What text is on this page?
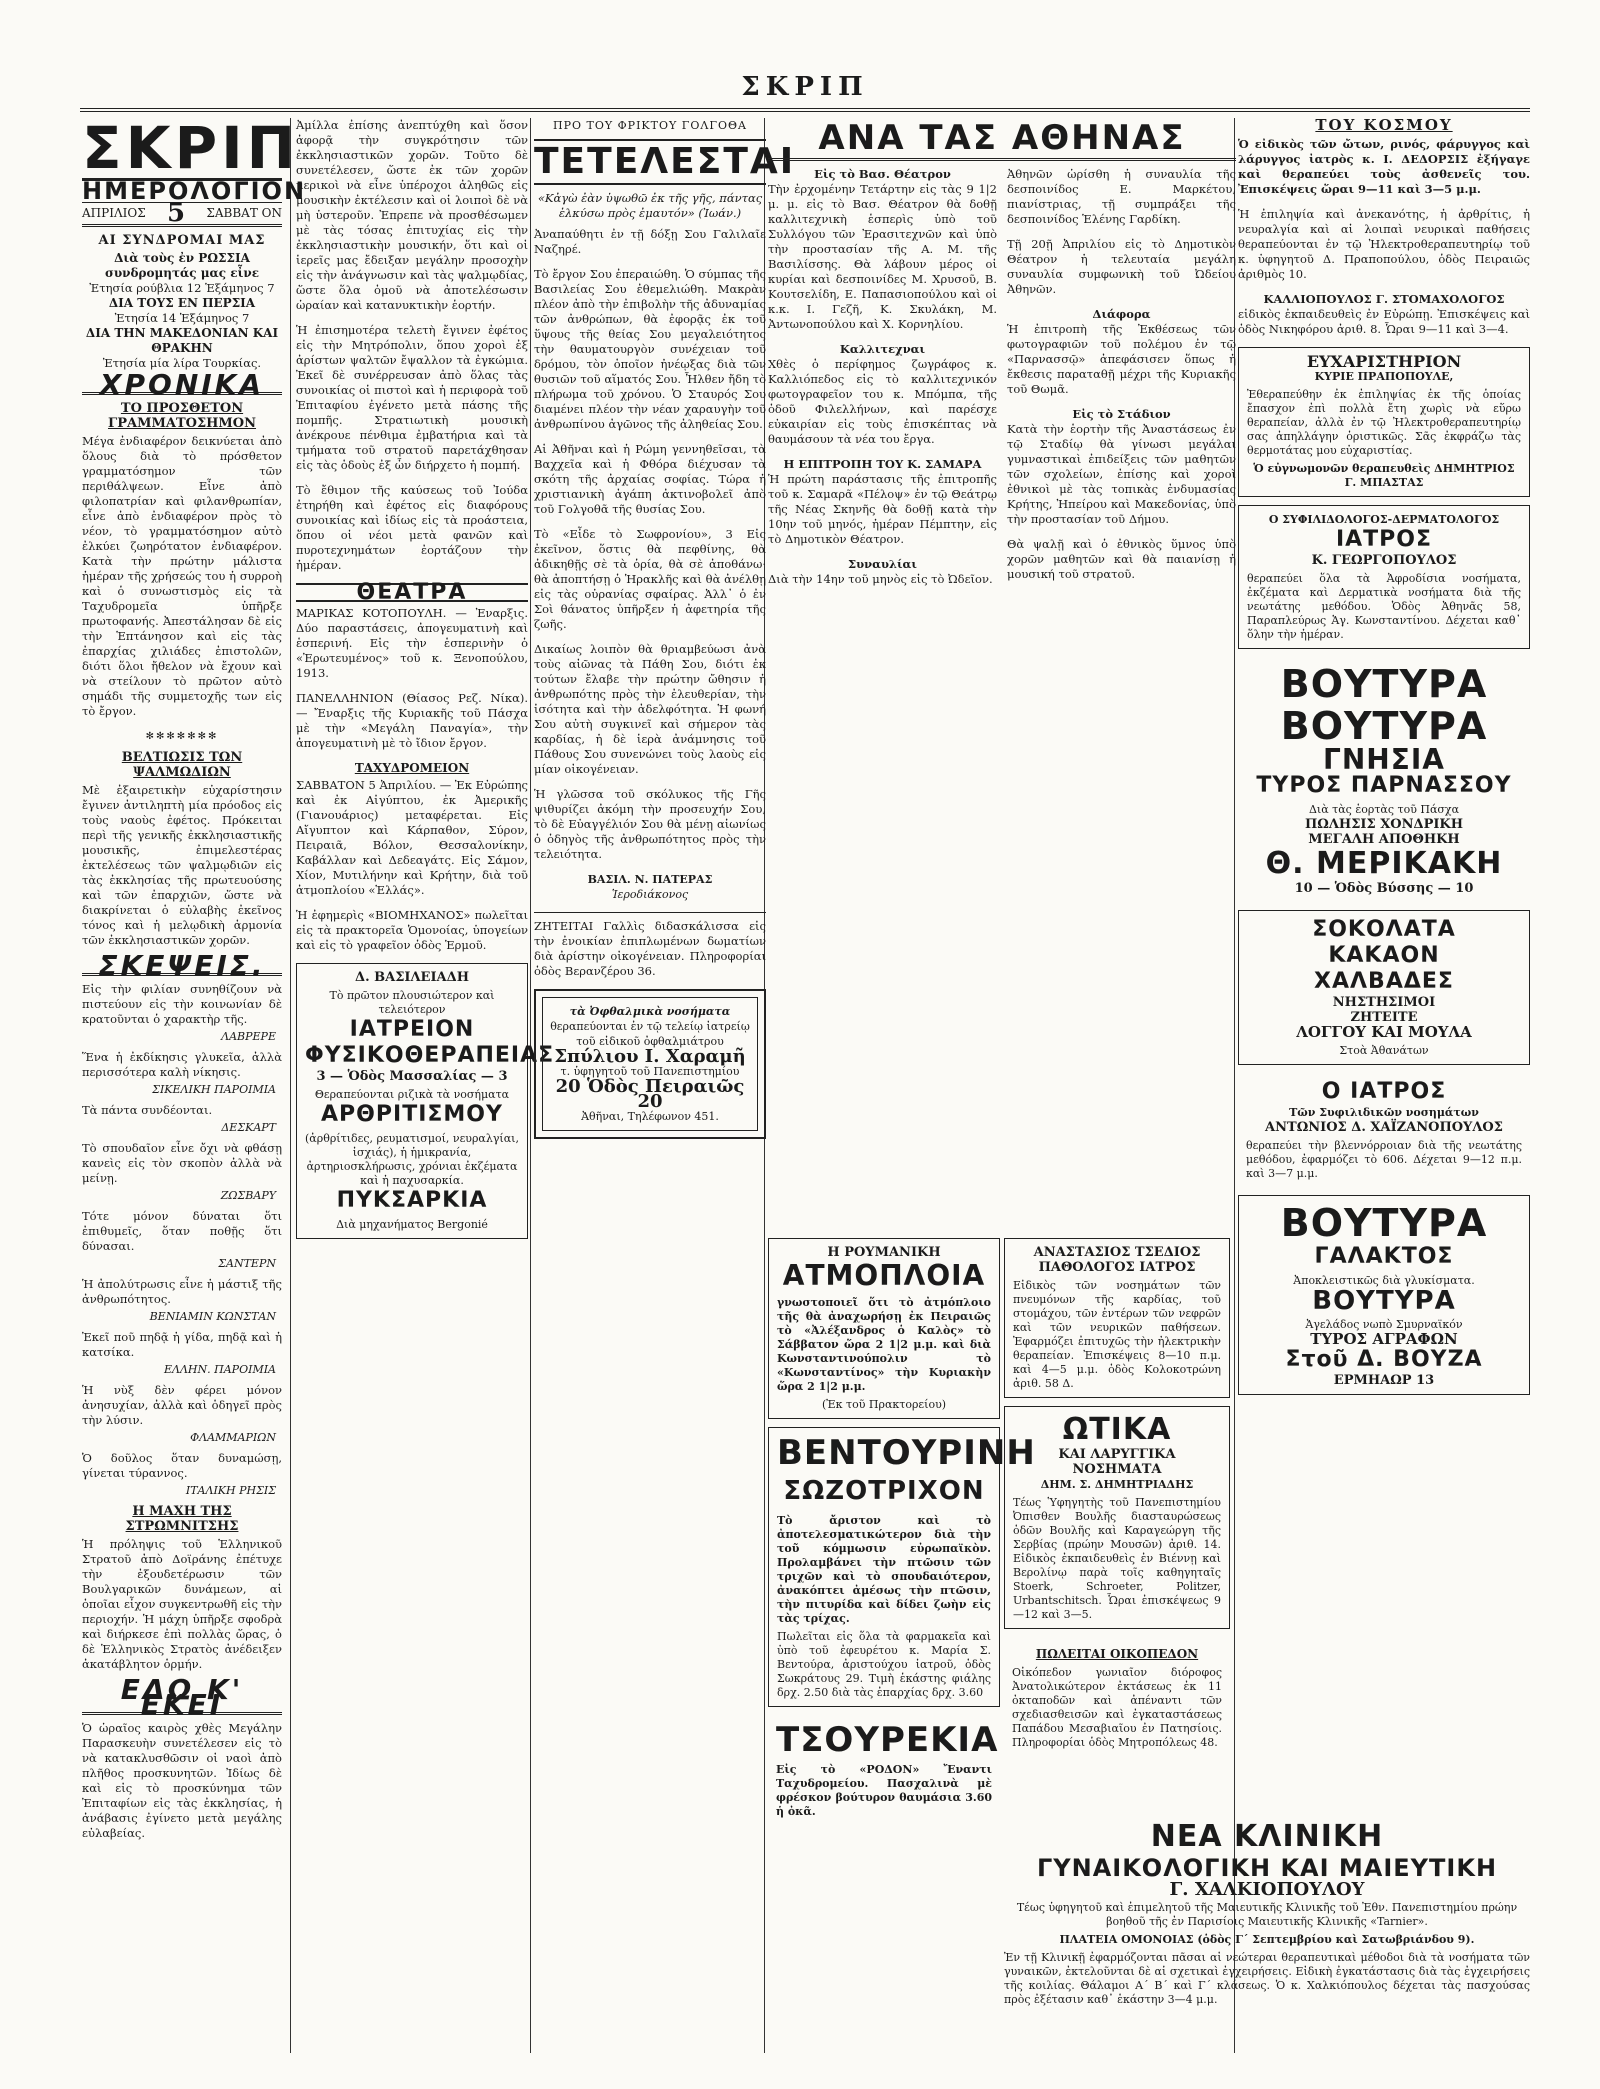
ΣΚΡΙΠ
ΣΚΡΙΠ
ΗΜΕΡΟΛΟΓΙΟΝ
ΑΠΡΙΛΙΟΣ 5 ΣΑΒΒΑΤ ΟΝ
ΑΙ ΣΥΝΔΡΟΜΑΙ ΜΑΣ
Διὰ τοὺς ἐν ΡΩΣΣΙΑ συνδρομητάς μας εἶνε
Ἐτησία ρούβλια 12 Ἑξάμηνος 7
ΔΙΑ ΤΟΥΣ ΕΝ ΠΕΡΣΙΑ
Ἐτησία 14 Ἑξάμηνος 7
ΔΙΑ ΤΗΝ ΜΑΚΕΔΟΝΙΑΝ ΚΑΙ ΘΡΑΚΗΝ
Ἐτησία μία λίρα Τουρκίας.
ΧΡΟΝΙΚΑ
ΤΟ ΠΡΟΣΘΕΤΟΝ ΓΡΑΜΜΑΤΟΣΗΜΟΝ
Μέγα ἐνδιαφέρον δεικνύεται ἀπὸ ὅλους διὰ τὸ πρόσθετον γραμματόσημον τῶν περιθάλψεων. Εἶνε ἀπὸ φιλοπατρίαν καὶ φιλανθρωπίαν, εἶνε ἀπὸ ἐνδιαφέρον πρὸς τὸ νέον, τὸ γραμματόσημον αὐτὸ ἐλκύει ζωηρότατον ἐνδιαφέρον. Κατὰ τὴν πρώτην μάλιστα ἡμέραν τῆς χρήσεώς του ἡ συρροὴ καὶ ὁ συνωστισμὸς εἰς τὰ Ταχυδρομεῖα ὑπῆρξε πρωτοφανής. Ἀπεστάλησαν δὲ εἰς τὴν Ἑπτάνησον καὶ εἰς τὰς ἐπαρχίας χιλιάδες ἐπιστολῶν, διότι ὅλοι ἤθελον νὰ ἔχουν καὶ νὰ στείλουν τὸ πρῶτον αὐτὸ σημάδι τῆς συμμετοχῆς των εἰς τὸ ἔργον.
✻✻✻✻✻✻✻
ΒΕΛΤΙΩΣΙΣ ΤΩΝ ΨΑΛΜΩΔΙΩΝ
Μὲ ἐξαιρετικὴν εὐχαρίστησιν ἔγινεν ἀντιληπτὴ μία πρόοδος εἰς τοὺς ναοὺς ἐφέτος. Πρόκειται περὶ τῆς γενικῆς ἐκκλησιαστικῆς μουσικῆς, ἐπιμελεστέρας ἐκτελέσεως τῶν ψαλμῳδιῶν εἰς τὰς ἐκκλησίας τῆς πρωτευούσης καὶ τῶν ἐπαρχιῶν, ὥστε νὰ διακρίνεται ὁ εὐλαβὴς ἐκεῖνος τόνος καὶ ἡ μελῳδικὴ ἁρμονία τῶν ἐκκλησιαστικῶν χορῶν.
ΣΚΕΨΕΙΣ.
Εἰς τὴν φιλίαν συνηθίζουν νὰ πιστεύουν εἰς τὴν κοινωνίαν δὲ κρατοῦνται ὁ χαρακτὴρ τῆς.
ΛΑΒΡΕΡΕ
Ἕνα ἡ ἐκδίκησις γλυκεῖα, ἀλλὰ περισσότερα καλὴ νίκησις.
ΣΙΚΕΛΙΚΗ ΠΑΡΟΙΜΙΑ
Τὰ πάντα συνδέονται.
ΔΕΣΚΑΡΤ
Τὸ σπουδαῖον εἶνε ὄχι νὰ φθάσῃ κανεὶς εἰς τὸν σκοπὸν ἀλλὰ νὰ μείνῃ.
ΖΩΣΒΑΡΥ
Τότε μόνον δύναται ὅτι ἐπιθυμεῖς, ὅταν ποθῇς ὅτι δύνασαι.
ΣΑΝΤΕΡΝ
Ἡ ἀπολύτρωσις εἶνε ἡ μάστιξ τῆς ἀνθρωπότητος.
ΒΕΝΙΑΜΙΝ ΚΩΝΣΤΑΝ
Ἐκεῖ ποῦ πηδᾷ ἡ γίδα, πηδᾷ καὶ ἡ κατσίκα.
ΕΛΛΗΝ. ΠΑΡΟΙΜΙΑ
Ἡ νὺξ δὲν φέρει μόνον ἀνησυχίαν, ἀλλὰ καὶ ὁδηγεῖ πρὸς τὴν λύσιν.
ΦΛΑΜΜΑΡΙΩΝ
Ὁ δοῦλος ὅταν δυναμώσῃ, γίνεται τύραννος.
ΙΤΑΛΙΚΗ ΡΗΣΙΣ
Η ΜΑΧΗ ΤΗΣ ΣΤΡΩΜΝΙΤΣΗΣ
Ἡ πρόληψις τοῦ Ἑλληνικοῦ Στρατοῦ ἀπὸ Δοϊράνης ἐπέτυχε τὴν ἐξουδετέρωσιν τῶν Βουλγαρικῶν δυνάμεων, αἱ ὁποῖαι εἶχον συγκεντρωθῆ εἰς τὴν περιοχήν. Ἡ μάχη ὑπῆρξε σφοδρὰ καὶ διήρκεσε ἐπὶ πολλὰς ὥρας, ὁ δὲ Ἑλληνικὸς Στρατὸς ἀνέδειξεν ἀκατάβλητον ὁρμήν.
ΕΔΩ Κ' ΕΚΕΙ
Ὁ ὡραῖος καιρὸς χθὲς Μεγάλην Παρασκευὴν συνετέλεσεν εἰς τὸ νὰ κατακλυσθῶσιν οἱ ναοὶ ἀπὸ πλῆθος προσκυνητῶν. Ἰδίως δὲ καὶ εἰς τὸ προσκύνημα τῶν Ἐπιταφίων εἰς τὰς ἐκκλησίας, ἡ ἀνάβασις ἐγίνετο μετὰ μεγάλης εὐλαβείας.
Ἀμίλλα ἐπίσης ἀνεπτύχθη καὶ ὅσον ἀφορᾷ τὴν συγκρότησιν τῶν ἐκκλησιαστικῶν χορῶν. Τοῦτο δὲ συνετέλεσεν, ὥστε ἐκ τῶν χορῶν μερικοὶ νὰ εἶνε ὑπέροχοι ἀληθῶς εἰς μουσικὴν ἐκτέλεσιν καὶ οἱ λοιποὶ δὲ νὰ μὴ ὑστεροῦν. Ἐπρεπε νὰ προσθέσωμεν μὲ τὰς τόσας ἐπιτυχίας εἰς τὴν ἐκκλησιαστικὴν μουσικήν, ὅτι καὶ οἱ ἱερεῖς μας ἔδειξαν μεγάλην προσοχὴν εἰς τὴν ἀνάγνωσιν καὶ τὰς ψαλμῳδίας, ὥστε ὅλα ὁμοῦ νὰ ἀποτελέσωσιν ὡραίαν καὶ κατανυκτικὴν ἑορτήν.
Ἡ ἐπισημοτέρα τελετὴ ἔγινεν ἐφέτος εἰς τὴν Μητρόπολιν, ὅπου χοροὶ ἐξ ἀρίστων ψαλτῶν ἔψαλλον τὰ ἐγκώμια. Ἐκεῖ δὲ συνέρρευσαν ἀπὸ ὅλας τὰς συνοικίας οἱ πιστοὶ καὶ ἡ περιφορὰ τοῦ Ἐπιταφίου ἐγένετο μετὰ πάσης τῆς πομπῆς. Στρατιωτικὴ μουσικὴ ἀνέκρουε πένθιμα ἐμβατήρια καὶ τὰ τμήματα τοῦ στρατοῦ παρετάχθησαν εἰς τὰς ὁδοὺς ἐξ ὧν διήρχετο ἡ πομπή.
Τὸ ἔθιμον τῆς καύσεως τοῦ Ἰούδα ἐτηρήθη καὶ ἐφέτος εἰς διαφόρους συνοικίας καὶ ἰδίως εἰς τὰ προάστεια, ὅπου οἱ νέοι μετὰ φανῶν καὶ πυροτεχνημάτων ἐορτάζουν τὴν ἡμέραν.
ΘΕΑΤΡΑ
ΜΑΡΙΚΑΣ ΚΟΤΟΠΟΥΛΗ. — Ἐναρξις. Δύο παραστάσεις, ἀπογευματινὴ καὶ ἑσπερινή. Εἰς τὴν ἑσπερινὴν ὁ «Ἐρωτευμένος» τοῦ κ. Ξενοπούλου, 1913.
ΠΑΝΕΛΛΗΝΙΟΝ (Θίασος Ρεζ. Νίκα). — Ἔναρξις τῆς Κυριακῆς τοῦ Πάσχα μὲ τὴν «Μεγάλη Παναγία», τὴν ἀπογευματινὴ μὲ τὸ ἴδιον ἔργον.
ΤΑΧΥΔΡΟΜΕΙΟΝ
ΣΑΒΒΑΤΟΝ 5 Ἀπριλίου. — Ἐκ Εὐρώπης καὶ ἐκ Αἰγύπτου, ἐκ Ἀμερικῆς (Γιανουάριος) μεταφέρεται. Εἰς Αἴγυπτον καὶ Κάρπαθον, Σύρον, Πειραιᾶ, Βόλον, Θεσσαλονίκην, Καβάλλαν καὶ Δεδεαγάτς. Εἰς Σάμον, Χίον, Μυτιλήνην καὶ Κρήτην, διὰ τοῦ ἀτμοπλοίου «Ἑλλάς».
Ἡ ἐφημερὶς «ΒΙΟΜΗΧΑΝΟΣ» πωλεῖται εἰς τὰ πρακτορεῖα Ὁμονοίας, ὑπογείων καὶ εἰς τὸ γραφεῖον ὁδὸς Ἑρμοῦ.
Δ. ΒΑΣΙΛΕΙΑΔΗ
Τὸ πρῶτον πλουσιώτερον καὶ τελειότερον
ΙΑΤΡΕΙΟΝ
ΦΥΣΙΚΟΘΕΡΑΠΕΙΑΣ
3 — Ὁδὸς Μασσαλίας — 3
Θεραπεύονται ριζικὰ τὰ νοσήματα
ΑΡΘΡΙΤΙΣΜΟΥ
(ἀρθρίτιδες, ρευματισμοί, νευραλγίαι, ἰσχιάς), ἡ ἡμικρανία, ἀρτηριοσκλήρωσις, χρόνιαι ἐκζέματα καὶ ἡ παχυσαρκία.
ΠΥΚΣΑΡΚΙΑ
Διὰ μηχανήματος Bergonié
ΠΡΟ ΤΟΥ ΦΡΙΚΤΟΥ ΓΟΛΓΟΘΑ
ΤΕΤΕΛΕΣΤΑΙ
«Κἀγὼ ἐὰν ὑψωθῶ ἐκ τῆς γῆς, πάντας ἑλκύσω πρὸς ἐμαυτόν» (Ἰωάν.)
Ἀναπαύθητι ἐν τῇ δόξῃ Σου Γαλιλαῖε Ναζηρέ.
Τὸ ἔργον Σου ἐπεραιώθη. Ὁ σύμπας τῆς Βασιλείας Σου ἐθεμελιώθη. Μακρὰν πλέον ἀπὸ τὴν ἐπιβολὴν τῆς ἀδυναμίας τῶν ἀνθρώπων, θὰ ἐφορᾷς ἐκ τοῦ ὕψους τῆς θείας Σου μεγαλειότητος τὴν θαυματουργὸν συνέχειαν τοῦ δρόμου, τὸν ὁποῖον ἠνέῳξας διὰ τῶν θυσιῶν τοῦ αἵματός Σου. Ἦλθεν ἤδη τὸ πλήρωμα τοῦ χρόνου. Ὁ Σταυρός Σου διαμένει πλέον τὴν νέαν χαραυγὴν τοῦ ἀνθρωπίνου ἀγῶνος τῆς ἀληθείας Σου.
Αἱ Ἀθῆναι καὶ ἡ Ρώμη γεννηθεῖσαι, τὰ Βαχχεῖα καὶ ἡ Φθόρα διέχυσαν τὰ σκότη τῆς ἀρχαίας σοφίας. Τώρα ἡ χριστιανικὴ ἀγάπη ἀκτινοβολεῖ ἀπὸ τοῦ Γολγοθᾶ τῆς θυσίας Σου.
Τὸ «Εἶδε τὸ Σωφρονίου», 3 Εἰς ἐκεῖνον, ὅστις θὰ πεφθίνης, θὰ ἀδικηθῇς σὲ τὰ ὁρία, θὰ σὲ ἀποθάνω· θὰ ἀποπτήσῃ ὁ Ἡρακλῆς καὶ θὰ ἀνέλθῃ εἰς τὰς οὐρανίας σφαίρας. Ἀλλ᾽ ὁ ἐν Σοὶ θάνατος ὑπῆρξεν ἡ ἀφετηρία τῆς ζωῆς.
Δικαίως λοιπὸν θὰ θριαμβεύωσι ἀνὰ τοὺς αἰῶνας τὰ Πάθη Σου, διότι ἐκ τούτων ἔλαβε τὴν πρώτην ὤθησιν ἡ ἀνθρωπότης πρὸς τὴν ἐλευθερίαν, τὴν ἰσότητα καὶ τὴν ἀδελφότητα. Ἡ φωνή Σου αὐτὴ συγκινεῖ καὶ σήμερον τὰς καρδίας, ἡ δὲ ἱερὰ ἀνάμνησις τοῦ Πάθους Σου συνενώνει τοὺς λαοὺς εἰς μίαν οἰκογένειαν.
Ἡ γλῶσσα τοῦ σκόλυκος τῆς Γῆς ψιθυρίζει ἀκόμη τὴν προσευχήν Σου, τὸ δὲ Εὐαγγέλιόν Σου θὰ μένῃ αἰωνίως ὁ ὁδηγὸς τῆς ἀνθρωπότητος πρὸς τὴν τελειότητα.
ΒΑΣΙΛ. Ν. ΠΑΤΕΡΑΣ
Ἱεροδιάκονος
ΖΗΤΕΙΤΑΙ Γαλλὶς διδασκάλισσα εἰς τὴν ἐνοικίαν ἐπιπλωμένων δωματίων διὰ ἀρίστην οἰκογένειαν. Πληροφορίαι ὁδὸς Βερανζέρου 36.
τὰ Ὀφθαλμικὰ νοσήματα
θεραπεύονται ἐν τῷ τελείῳ ἰατρείῳ τοῦ εἰδικοῦ ὀφθαλμιάτρου
Σπύλιου Ι. Χαραμῆ
τ. ὑφηγητοῦ τοῦ Πανεπιστημίου
20 Ὁδὸς Πειραιῶς 20
Ἀθῆναι, Τηλέφωνον 451.
ΑΝΑ ΤΑΣ ΑΘΗΝΑΣ
Εἰς τὸ Βασ. Θέατρον
Τὴν ἐρχομένην Τετάρτην εἰς τὰς 9 1|2 μ. μ. εἰς τὸ Βασ. Θέατρον θὰ δοθῇ καλλιτεχνικὴ ἑσπερὶς ὑπὸ τοῦ Συλλόγου τῶν Ἐρασιτεχνῶν καὶ ὑπὸ τὴν προστασίαν τῆς Α. Μ. τῆς Βασιλίσσης. Θὰ λάβουν μέρος οἱ κυρίαι καὶ δεσποινίδες Μ. Χρυσοῦ, Β. Κουτσελίδη, Ε. Παπασιοπούλου καὶ οἱ κ.κ. Ι. Γεζῆ, Κ. Σκυλάκη, Μ. Ἀντωνοπούλου καὶ Χ. Κορνηλίου.
Καλλιτεχναι
Χθὲς ὁ περίφημος ζωγράφος κ. Καλλιόπεδος εἰς τὸ καλλιτεχνικόν φωτογραφεῖον του κ. Μπόμπα, τῆς ὁδοῦ Φιλελλήνων, καὶ παρέσχε εὐκαιρίαν εἰς τοὺς ἐπισκέπτας νὰ θαυμάσουν τὰ νέα του ἔργα.
Η ΕΠΙΤΡΟΠΗ ΤΟΥ Κ. ΣΑΜΑΡΑ
Ἡ πρώτη παράστασις τῆς ἐπιτροπῆς τοῦ κ. Σαμαρᾶ «Πέλοψ» ἐν τῷ Θεάτρῳ τῆς Νέας Σκηνῆς θὰ δοθῇ κατὰ τὴν 10ην τοῦ μηνός, ἡμέραν Πέμπτην, εἰς τὸ Δημοτικὸν Θέατρον.
Συναυλίαι
Διὰ τὴν 14ην τοῦ μηνὸς εἰς τὸ Ὠδεῖον.
Ἀθηνῶν ὡρίσθη ἡ συναυλία τῆς δεσποινίδος Ε. Μαρκέτου, πιανίστριας, τῇ συμπράξει τῆς δεσποινίδος Ἑλένης Γαρδίκη.
Τῇ 20ῇ Ἀπριλίου εἰς τὸ Δημοτικὸν Θέατρον ἡ τελευταία μεγάλη συναυλία συμφωνικὴ τοῦ Ὠδείου Ἀθηνῶν.
Διάφορα
Ἡ ἐπιτροπὴ τῆς Ἐκθέσεως τῶν φωτογραφιῶν τοῦ πολέμου ἐν τῷ «Παρνασσῷ» ἀπεφάσισεν ὅπως ἡ ἔκθεσις παραταθῇ μέχρι τῆς Κυριακῆς τοῦ Θωμᾶ.
Εἰς τὸ Στάδιον
Κατὰ τὴν ἑορτὴν τῆς Ἀναστάσεως ἐν τῷ Σταδίῳ θὰ γίνωσι μεγάλαι γυμναστικαὶ ἐπιδείξεις τῶν μαθητῶν τῶν σχολείων, ἐπίσης καὶ χοροὶ ἐθνικοὶ μὲ τὰς τοπικὰς ἐνδυμασίας Κρήτης, Ἠπείρου καὶ Μακεδονίας, ὑπὸ τὴν προστασίαν τοῦ Δήμου.
Θὰ ψαλῇ καὶ ὁ ἐθνικὸς ὕμνος ὑπὸ χορῶν μαθητῶν καὶ θὰ παιανίσῃ ἡ μουσική τοῦ στρατοῦ.
Η ΡΟΥΜΑΝΙΚΗ
ΑΤΜΟΠΛΟΙΑ
γνωστοποιεῖ ὅτι τὸ ἀτμόπλοιο τῆς θὰ ἀναχωρήσῃ ἐκ Πειραιῶς τὸ «Ἀλέξανδρος ὁ Καλὸς» τὸ Σάββατον ὥρα 2 1|2 μ.μ. καὶ διὰ Κωνσταντινούπολιν τὸ «Κωνσταντίνος» τὴν Κυριακὴν ὥρα 2 1|2 μ.μ.
(Ἐκ τοῦ Πρακτορείου)
ΒΕΝΤΟΥΡΙΝΗ
ΣΩΖΟΤΡΙΧΟΝ
Τὸ ἄριστον καὶ τὸ ἀποτελεσματικώτερον διὰ τὴν τοῦ κόμμωσιν εὐρωπαϊκὸν. Προλαμβάνει τὴν πτῶσιν τῶν τριχῶν καὶ τὸ σπουδαιότερον, ἀνακόπτει ἀμέσως τὴν πτῶσιν, τὴν πιτυρίδα καὶ δίδει ζωὴν εἰς τὰς τρίχας.
Πωλεῖται εἰς ὅλα τὰ φαρμακεῖα καὶ ὑπὸ τοῦ ἐφευρέτου κ. Μαρία Σ. Βεντούρα, ἀριστούχου ἰατροῦ, ὁδὸς Σωκράτους 29. Τιμὴ ἑκάστης φιάλης δρχ. 2.50 διὰ τὰς ἐπαρχίας δρχ. 3.60
ΤΣΟΥΡΕΚΙΑ
Εἰς τὸ «ΡΟΔΟΝ» Ἔναντι Ταχυδρομείου. Πασχαλινὰ μὲ φρέσκον βούτυρον θαυμάσια 3.60 ἡ ὀκᾶ.
ΑΝΑΣΤΑΣΙΟΣ ΤΣΕΔΙΟΣ
ΠΑΘΟΛΟΓΟΣ ΙΑΤΡΟΣ
Εἰδικὸς τῶν νοσημάτων τῶν πνευμόνων τῆς καρδίας, τοῦ στομάχου, τῶν ἐντέρων τῶν νεφρῶν καὶ τῶν νευρικῶν παθήσεων. Ἐφαρμόζει ἐπιτυχῶς τὴν ἠλεκτρικὴν θεραπείαν. Ἐπισκέψεις 8—10 π.μ. καὶ 4—5 μ.μ. ὁδὸς Κολοκοτρώνη ἀριθ. 58 Δ.
ΩΤΙΚΑ
ΚΑΙ ΛΑΡΥΓΓΙΚΑ ΝΟΣΗΜΑΤΑ
ΔΗΜ. Σ. ΔΗΜΗΤΡΙΑΔΗΣ
Τέως Ὑφηγητὴς τοῦ Πανεπιστημίου Ὀπισθεν Βουλῆς διασταυρώσεως ὁδῶν Βουλῆς καὶ Καραγεώργη τῆς Σερβίας (πρώην Μουσῶν) ἀριθ. 14. Εἰδικὸς ἐκπαιδευθεὶς ἐν Βιέννῃ καὶ Βερολίνῳ παρὰ τοῖς καθηγηταῖς Stoerk, Schroeter, Politzer, Urbantschitsch. Ὧραι ἐπισκέψεως 9—12 καὶ 3—5.
ΠΩΛΕΙΤΑΙ ΟΙΚΟΠΕΔΟΝ
Οἰκόπεδον γωνιαῖον διόροφος Ἀνατολικώτερον ἐκτάσεως ἐκ 11 ὀκταποδῶν καὶ ἀπέναντι τῶν σχεδιασθεισῶν καὶ ἐγκαταστάσεως Παπάδου Μεσαβιαῖου ἐν Πατησίοις. Πληροφορίαι ὁδὸς Μητροπόλεως 48.
ΤΟΥ ΚΟΣΜΟΥ
Ὁ εἰδικὸς τῶν ὤτων, ρινός, φάρυγγος καὶ λάρυγγος ἰατρὸς κ. Ι. ΔΕΔΟΡΣΙΣ ἐξήγαγε καὶ θεραπεύει τοὺς ἀσθενεῖς του. Ἐπισκέψεις ὥραι 9—11 καὶ 3—5 μ.μ.
Ἡ ἐπιληψία καὶ ἀνεκανότης, ἡ ἀρθρίτις, ἡ νευραλγία καὶ αἱ λοιπαὶ νευρικαὶ παθήσεις θεραπεύονται ἐν τῷ Ἠλεκτροθεραπευτηρίῳ τοῦ κ. ὑφηγητοῦ Δ. Πραποπούλου, ὁδὸς Πειραιῶς ἀριθμὸς 10.
ΚΑΛΛΙΟΠΟΥΛΟΣ Γ. ΣΤΟΜΑΧΟΛΟΓΟΣ
εἰδικὸς ἐκπαιδευθεὶς ἐν Εὐρώπῃ. Ἐπισκέψεις καὶ ὁδὸς Νικηφόρου ἀριθ. 8. Ὧραι 9—11 καὶ 3—4.
ΕΥΧΑΡΙΣΤΗΡΙΟΝ
ΚΥΡΙΕ ΠΡΑΠΟΠΟΥΛΕ,
Ἐθεραπεύθην ἐκ ἐπιληψίας ἐκ τῆς ὁποίας ἔπασχον ἐπὶ πολλὰ ἔτη χωρὶς νὰ εὕρω θεραπείαν, ἀλλὰ ἐν τῷ Ἠλεκτροθεραπευτηρίῳ σας ἀπηλλάγην ὁριστικῶς. Σᾶς ἐκφράζω τὰς θερμοτάτας μου εὐχαριστίας.
Ὁ εὐγνωμονῶν θεραπευθεὶς ΔΗΜΗΤΡΙΟΣ Γ. ΜΠΑΣΤΑΣ
Ο ΣΥΦΙΛΙΔΟΛΟΓΟΣ-ΔΕΡΜΑΤΟΛΟΓΟΣ
ΙΑΤΡΟΣ
Κ. ΓΕΩΡΓΟΠΟΥΛΟΣ
θεραπεύει ὅλα τὰ Ἀφροδίσια νοσήματα, ἐκζέματα καὶ Δερματικὰ νοσήματα διὰ τῆς νεωτάτης μεθόδου. Ὁδὸς Ἀθηνᾶς 58, Παραπλεύρως Ἁγ. Κωνσταντίνου. Δέχεται καθ᾽ ὅλην τὴν ἡμέραν.
ΒΟΥΤΥΡΑ
ΒΟΥΤΥΡΑ
ΓΝΗΣΙΑ
ΤΥΡΟΣ ΠΑΡΝΑΣΣΟΥ
Διὰ τὰς ἑορτὰς τοῦ Πάσχα
ΠΩΛΗΣΙΣ ΧΟΝΔΡΙΚΗ
ΜΕΓΑΛΗ ΑΠΟΘΗΚΗ
Θ. ΜΕΡΙΚΑΚΗ
10 — Ὁδὸς Βύσσης — 10
ΣΟΚΟΛΑΤΑ
ΚΑΚΑΟΝ
ΧΑΛΒΑΔΕΣ
ΝΗΣΤΗΣΙΜΟΙ
ΖΗΤΕΙΤΕ
ΛΟΓΓΟΥ ΚΑΙ ΜΟΥΛΑ
Στοὰ Ἀθανάτων
Ο ΙΑΤΡΟΣ
Τῶν Συφιλιδικῶν νοσημάτων
ΑΝΤΩΝΙΟΣ Δ. ΧΑΪΖΑΝΟΠΟΥΛΟΣ
θεραπεύει τὴν βλεννόρροιαν διὰ τῆς νεωτάτης μεθόδου, ἐφαρμόζει τὸ 606. Δέχεται 9—12 π.μ. καὶ 3—7 μ.μ.
ΒΟΥΤΥΡΑ
ΓΑΛΑΚΤΟΣ
Ἀποκλειστικῶς διὰ γλυκίσματα.
ΒΟΥΤΥΡΑ
Ἀγελάδος νωπὸ Σμυρναϊκόν
ΤΥΡΟΣ ΑΓΡΑΦΩΝ
Στοῦ Δ. ΒΟΥΖΑ
ΕΡΜΗΑΩΡ 13
ΝΕΑ ΚΛΙΝΙΚΗ
ΓΥΝΑΙΚΟΛΟΓΙΚΗ ΚΑΙ ΜΑΙΕΥΤΙΚΗ
Γ. ΧΑΛΚΙΟΠΟΥΛΟΥ
Τέως ὑφηγητοῦ καὶ ἐπιμελητοῦ τῆς Μαιευτικῆς Κλινικῆς τοῦ Ἐθν. Πανεπιστημίου πρώην βοηθοῦ τῆς ἐν Παρισίοις Μαιευτικῆς Κλινικῆς «Tarnier».
ΠΛΑΤΕΙΑ ΟΜΟΝΟΙΑΣ (ὁδὸς Γ´ Σεπτεμβρίου καὶ Σατωβριάνδου 9).
Ἐν τῇ Κλινικῇ ἐφαρμόζονται πᾶσαι αἱ νεώτεραι θεραπευτικαὶ μέθοδοι διὰ τὰ νοσήματα τῶν γυναικῶν, ἐκτελοῦνται δὲ αἱ σχετικαὶ ἐγχειρήσεις. Εἰδικὴ ἐγκατάστασις διὰ τὰς ἐγχειρήσεις τῆς κοιλίας. Θάλαμοι Α´ Β´ καὶ Γ´ κλάσεως. Ὁ κ. Χαλκιόπουλος δέχεται τὰς πασχούσας πρὸς ἐξέτασιν καθ᾽ ἑκάστην 3—4 μ.μ.
